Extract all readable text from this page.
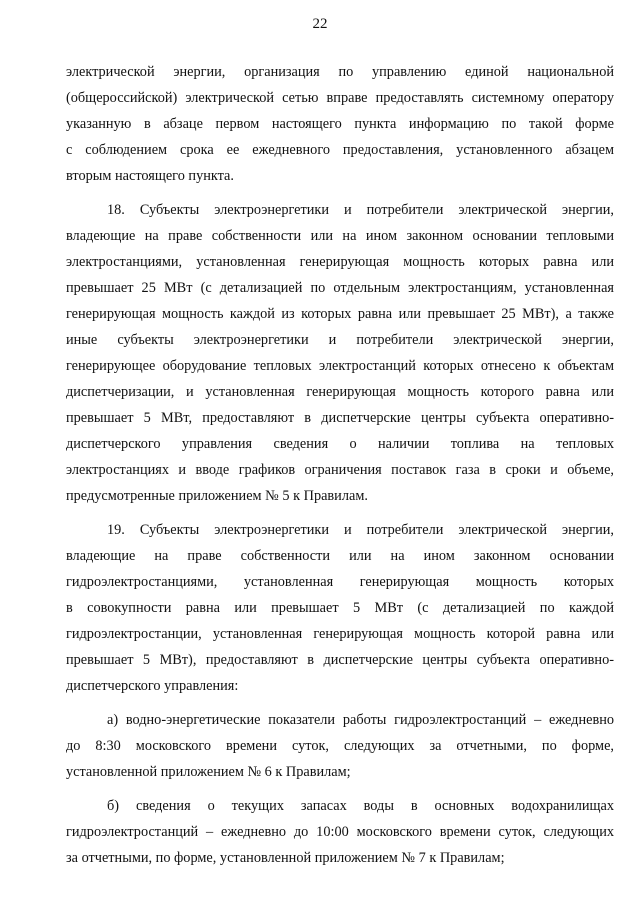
22

электрической энергии, организация по управлению единой национальной
(общероссийской) электрической сетью вправе предоставлять системному оператору
указанную в абзаце первом настоящего пункта информацию по такой форме
с соблюдением срока ее ежедневного предоставления, установленного абзацем
вторым настоящего пункта.

18. Субъекты электроэнергетики и потребители электрической энергии,
владеющие на праве собственности или на ином законном основании тепловыми
электростанциями, установленная генерирующая мощность которых равна или
превышает 25 МВт (с детализацией по отдельным электростанциям, установленная
генерирующая мощность каждой из которых равна или превышает 25 МВт), а также
иные субъекты электроэнергетики и потребители электрической энергии,
генерирующее оборудование тепловых электростанций которых отнесено к объектам
диспетчеризации, и установленная генерирующая мощность которого равна или
превышает 5 МВт, предоставляют в диспетчерские центры субъекта оперативно-
диспетчерского управления сведения о наличии топлива на тепловых
электростанциях и вводе графиков ограничения поставок газа в сроки и объеме,
предусмотренные приложением № 5 к Правилам.

19. Субъекты электроэнергетики и потребители электрической энергии,
владеющие на праве собственности или на ином законном основании
гидроэлектростанциями, установленная генерирующая мощность которых
в совокупности равна или превышает 5 МВт (с детализацией по каждой
гидроэлектростанции, установленная генерирующая мощность которой равна или
превышает 5 МВт), предоставляют в диспетчерские центры субъекта оперативно-
диспетчерского управления:

а) водно-энергетические показатели работы гидроэлектростанций – ежедневно
до 8:30 московского времени суток, следующих за отчетными, по форме,
установленной приложением № 6 к Правилам;

б) сведения о текущих запасах воды в основных водохранилищах
гидроэлектростанций – ежедневно до 10:00 московского времени суток, следующих
за отчетными, по форме, установленной приложением № 7 к Правилам;
